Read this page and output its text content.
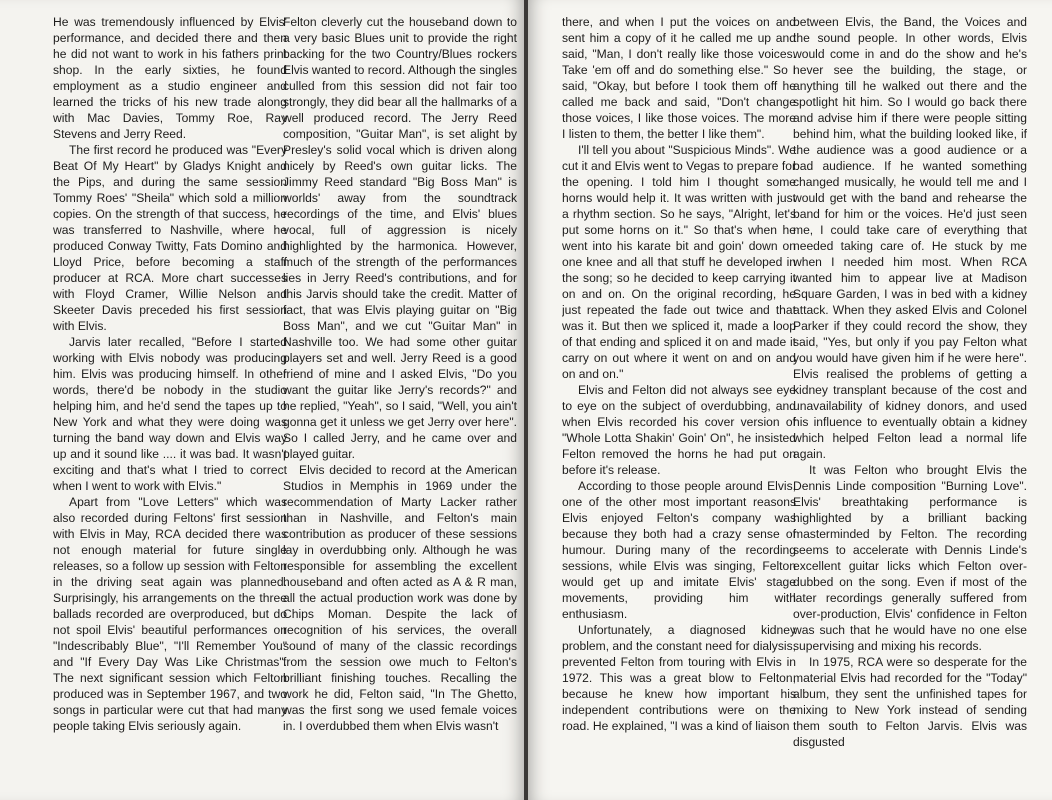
He was tremendously influenced by Elvis' performance, and decided there and then he did not want to work in his fathers print shop. In the early sixties, he found employment as a studio engineer and learned the tricks of his new trade along with Mac Davies, Tommy Roe, Ray Stevens and Jerry Reed.

The first record he produced was "Every Beat Of My Heart" by Gladys Knight and the Pips, and during the same session Tommy Roes' "Sheila" which sold a million copies. On the strength of that success, he was transferred to Nashville, where he produced Conway Twitty, Fats Domino and Lloyd Price, before becoming a staff producer at RCA. More chart successes with Floyd Cramer, Willie Nelson and Skeeter Davis preceded his first session with Elvis.

Jarvis later recalled, "Before I started working with Elvis nobody was producing him. Elvis was producing himself. In other words, there'd be nobody in the studio helping him, and he'd send the tapes up to New York and what they were doing was turning the band way down and Elvis way up and it sound like .... it was bad. It wasn't exciting and that's what I tried to correct when I went to work with Elvis."

Apart from "Love Letters" which was also recorded during Feltons' first session with Elvis in May, RCA decided there was not enough material for future single releases, so a follow up session with Felton in the driving seat again was planned. Surprisingly, his arrangements on the three ballads recorded are overproduced, but do not spoil Elvis' beautiful performances on "Indescribably Blue", "I'll Remember You" and "If Every Day Was Like Christmas". The next significant session which Felton produced was in September 1967, and two songs in particular were cut that had many people taking Elvis seriously again.

Felton cleverly cut the houseband down to a very basic Blues unit to provide the right backing for the two Country/Blues rockers Elvis wanted to record. Although the singles culled from this session did not fair too strongly, they did bear all the hallmarks of a well produced record. The Jerry Reed composition, "Guitar Man", is set alight by Presley's solid vocal which is driven along nicely by Reed's own guitar licks. The Jimmy Reed standard "Big Boss Man" is worlds' away from the soundtrack recordings of the time, and Elvis' blues vocal, full of aggression is nicely highlighted by the harmonica. However, much of the strength of the performances lies in Jerry Reed's contributions, and for this Jarvis should take the credit. Matter of fact, that was Elvis playing guitar on "Big Boss Man", and we cut "Guitar Man" in Nashville too. We had some other guitar players set and well. Jerry Reed is a good friend of mine and I asked Elvis, "Do you want the guitar like Jerry's records?" and he replied, "Yeah", so I said, "Well, you ain't gonna get it unless we get Jerry over here". So I called Jerry, and he came over and played guitar.

Elvis decided to record at the American Studios in Memphis in 1969 under the recommendation of Marty Lacker rather than in Nashville, and Felton's main contribution as producer of these sessions lay in overdubbing only. Although he was responsible for assembling the excellent houseband and often acted as A & R man, all the actual production work was done by Chips Moman. Despite the lack of recognition of his services, the overall sound of many of the classic recordings from the session owe much to Felton's brilliant finishing touches. Recalling the work he did, Felton said, "In The Ghetto, was the first song we used female voices in. I overdubbed them when Elvis wasn't

there, and when I put the voices on and sent him a copy of it he called me up and said, "Man, I don't really like those voices. Take 'em off and do something else." So I said, "Okay, but before I took them off he called me back and said, "Don't change those voices, I like those voices. The more I listen to them, the better I like them".

I'll tell you about "Suspicious Minds". We cut it and Elvis went to Vegas to prepare for the opening. I told him I thought some horns would help it. It was written with just a rhythm section. So he says, "Alright, let's put some horns on it." So that's when he went into his karate bit and goin' down on one knee and all that stuff he developed in the song; so he decided to keep carrying it on and on. On the original recording, he just repeated the fade out twice and that was it. But then we spliced it, made a loop of that ending and spliced it on and made it carry on out where it went on and on and on and on."

Elvis and Felton did not always see eye to eye on the subject of overdubbing, and when Elvis recorded his cover version of "Whole Lotta Shakin' Goin' On", he insisted Felton removed the horns he had put on before it's release.

According to those people around Elvis, one of the other most important reasons Elvis enjoyed Felton's company was because they both had a crazy sense of humour. During many of the recording sessions, while Elvis was singing, Felton would get up and imitate Elvis' stage movements, providing him with enthusiasm.

Unfortunately, a diagnosed kidney problem, and the constant need for dialysis, prevented Felton from touring with Elvis in 1972. This was a great blow to Felton, because he knew how important his independent contributions were on the road. He explained, "I was a kind of liaison

between Elvis, the Band, the Voices and the sound people. In other words, Elvis would come in and do the show and he's never see the building, the stage, or anything till he walked out there and the spotlight hit him. So I would go back there and advise him if there were people sitting behind him, what the building looked like, if the audience was a good audience or a bad audience. If he wanted something changed musically, he would tell me and I would get with the band and rehearse the band for him or the voices. He'd just seen me, I could take care of everything that needed taking care of. He stuck by me when I needed him most. When RCA wanted him to appear live at Madison Square Garden, I was in bed with a kidney attack. When they asked Elvis and Colonel Parker if they could record the show, they said, "Yes, but only if you pay Felton what you would have given him if he were here". Elvis realised the problems of getting a kidney transplant because of the cost and unavailability of kidney donors, and used his influence to eventually obtain a kidney which helped Felton lead a normal life again.

It was Felton who brought Elvis the Dennis Linde composition "Burning Love". Elvis' breathtaking performance is highlighted by a brilliant backing masterminded by Felton. The recording seems to accelerate with Dennis Linde's excellent guitar licks which Felton over-dubbed on the song. Even if most of the later recordings generally suffered from over-production, Elvis' confidence in Felton was such that he would have no one else supervising and mixing his records.

In 1975, RCA were so desperate for the material Elvis had recorded for the "Today" album, they sent the unfinished tapes for mixing to New York instead of sending them south to Felton Jarvis. Elvis was disgusted
